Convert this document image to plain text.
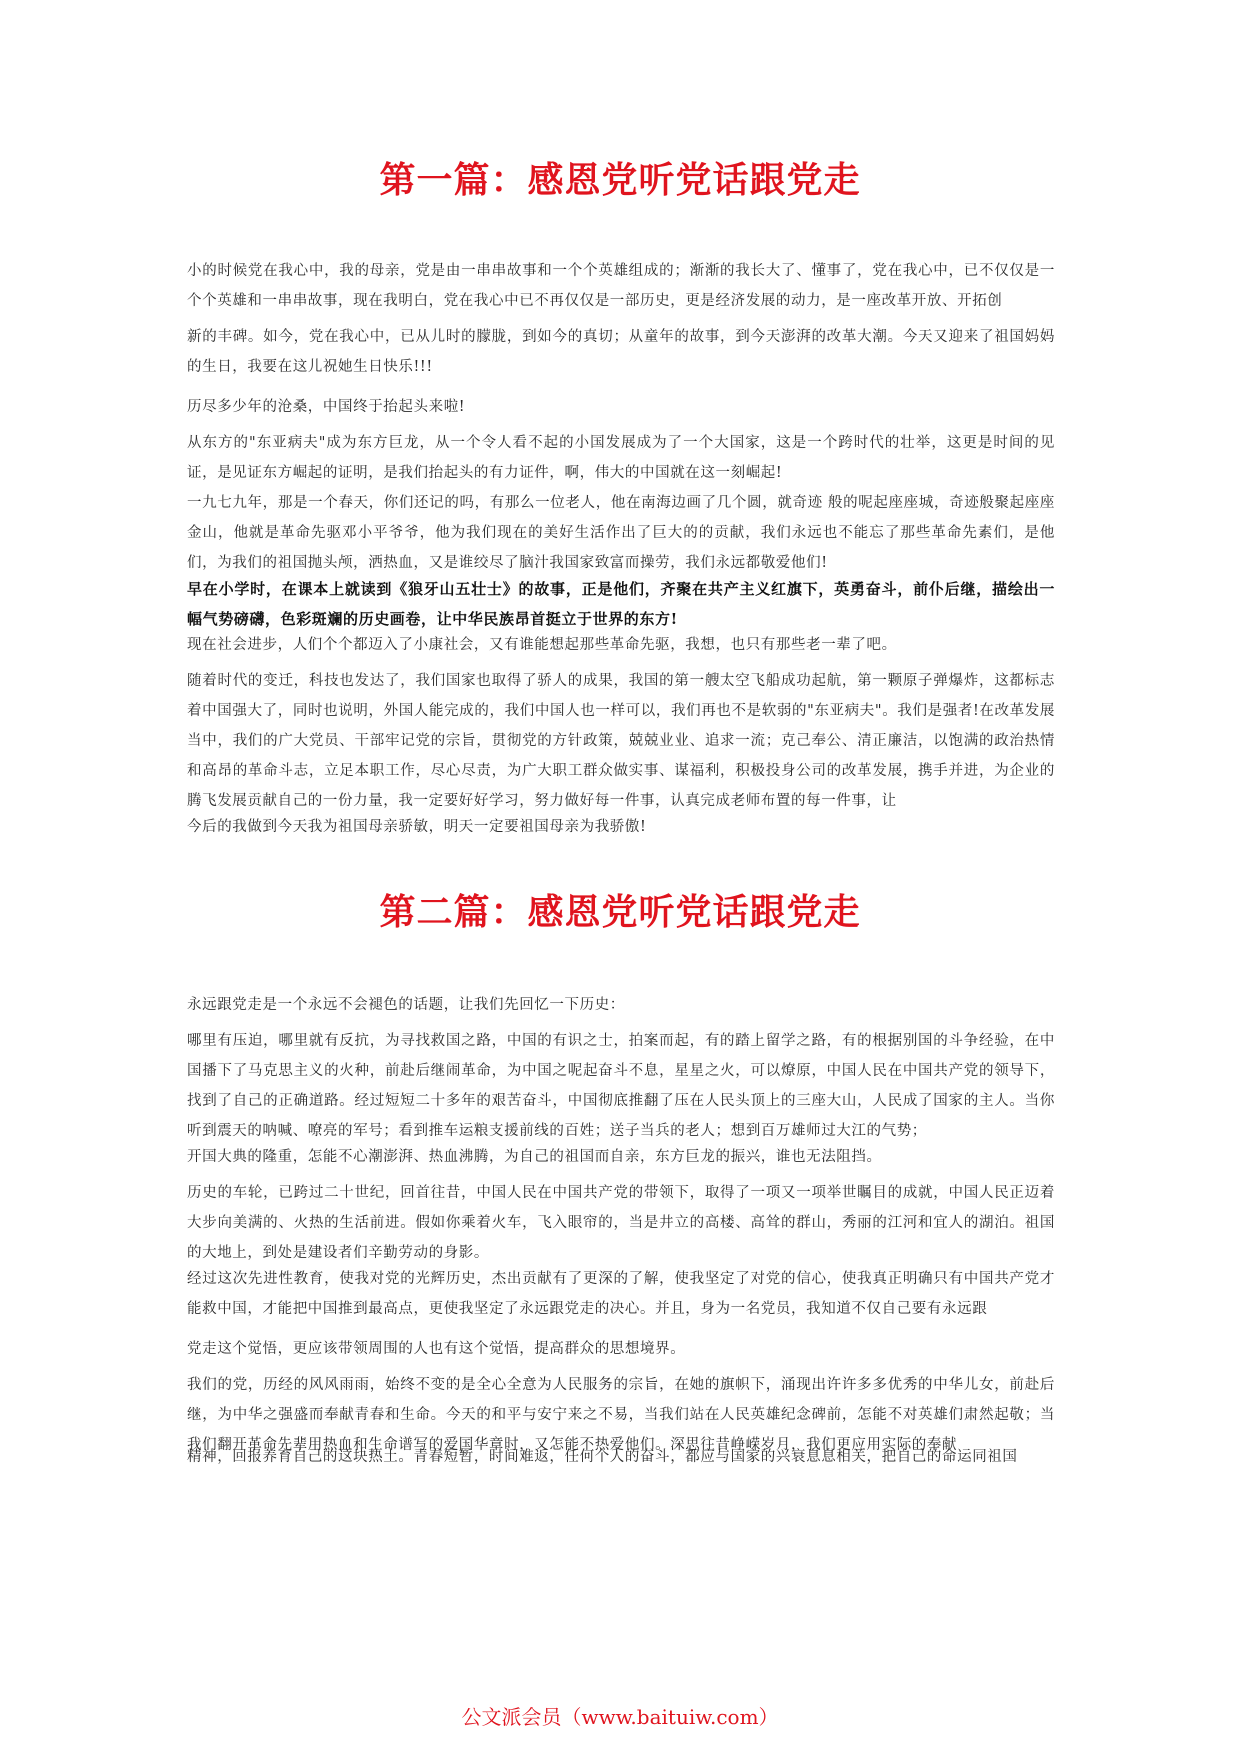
第一篇：感恩党听党话跟党走

小的时候党在我心中，我的母亲，党是由一串串故事和一个个英雄组成的；渐渐的我长大了、懂事了，党在我心中，已不仅仅是一个个英雄和一串串故事，现在我明白，党在我心中已不再仅仅是一部历史，更是经济发展的动力，是一座改革开放、开拓创

新的丰碑。如今，党在我心中，已从儿时的朦胧，到如今的真切；从童年的故事，到今天澎湃的改革大潮。今天又迎来了祖国妈妈的生日，我要在这儿祝她生日快乐!!!

历尽多少年的沧桑，中国终于抬起头来啦!

从东方的"东亚病夫"成为东方巨龙，从一个令人看不起的小国发展成为了一个大国家，这是一个跨时代的壮举，这更是时间的见证，是见证东方崛起的证明，是我们抬起头的有力证件，啊，伟大的中国就在这一刻崛起!

一九七九年，那是一个春天，你们还记的吗，有那么一位老人，他在南海边画了几个圆，就奇迹 般的呢起座座城，奇迹般聚起座座金山，他就是革命先驱邓小平爷爷，他为我们现在的美好生活作出了巨大的的贡献，我们永远也不能忘了那些革命先素们，是他们，为我们的祖国抛头颅，洒热血，又是谁绞尽了脑汁我国家致富而操劳，我们永远都敬爱他们!

早在小学时，在课本上就读到《狼牙山五壮士》的故事，正是他们，齐聚在共产主义红旗下，英勇奋斗，前仆后继，描绘出一幅气势磅礴，色彩斑斓的历史画卷，让中华民族昂首挺立于世界的东方!

现在社会进步，人们个个都迈入了小康社会，又有谁能想起那些革命先驱，我想，也只有那些老一辈了吧。

随着时代的变迁，科技也发达了，我们国家也取得了骄人的成果，我国的第一艘太空飞船成功起航，第一颗原子弹爆炸，这都标志着中国强大了，同时也说明，外国人能完成的，我们中国人也一样可以，我们再也不是软弱的"东亚病夫"。我们是强者!在改革发展当中，我们的广大党员、干部牢记党的宗旨，贯彻党的方针政策，兢兢业业、追求一流；克己奉公、清正廉洁，以饱满的政治热情和高昂的革命斗志，立足本职工作，尽心尽责，为广大职工群众做实事、谋福利，积极投身公司的改革发展，携手并进，为企业的腾飞发展贡献自己的一份力量，我一定要好好学习，努力做好每一件事，认真完成老师布置的每一件事，让

今后的我做到今天我为祖国母亲骄敏，明天一定要祖国母亲为我骄傲!

第二篇：感恩党听党话跟党走

永远跟党走是一个永远不会褪色的话题，让我们先回忆一下历史：

哪里有压迫，哪里就有反抗，为寻找救国之路，中国的有识之士，拍案而起，有的踏上留学之路，有的根据别国的斗争经验，在中国播下了马克思主义的火种，前赴后继闹革命，为中国之呢起奋斗不息，星星之火，可以燎原，中国人民在中国共产党的领导下，找到了自己的正确道路。经过短短二十多年的艰苦奋斗，中国彻底推翻了压在人民头顶上的三座大山，人民成了国家的主人。当你听到震天的呐喊、嘹亮的军号；看到推车运粮支援前线的百姓；送子当兵的老人；想到百万雄师过大江的气势；

开国大典的隆重，怎能不心潮澎湃、热血沸腾，为自己的祖国而自亲，东方巨龙的振兴，谁也无法阻挡。

历史的车轮，已跨过二十世纪，回首往昔，中国人民在中国共产党的带领下，取得了一项又一项举世瞩目的成就，中国人民正迈着大步向美满的、火热的生活前进。假如你乘着火车，飞入眼帘的，当是井立的高楼、高耸的群山，秀丽的江河和宜人的湖泊。祖国的大地上，到处是建设者们辛勤劳动的身影。

经过这次先进性教育，使我对党的光辉历史，杰出贡献有了更深的了解，使我坚定了对党的信心，使我真正明确只有中国共产党才能救中国，才能把中国推到最高点，更使我坚定了永远跟党走的决心。并且，身为一名党员，我知道不仅自己要有永远跟

党走这个觉悟，更应该带领周围的人也有这个觉悟，提高群众的思想境界。

我们的党，历经的风风雨雨，始终不变的是全心全意为人民服务的宗旨，在她的旗帜下，涌现出许许多多优秀的中华儿女，前赴后继，为中华之强盛而奉献青春和生命。今天的和平与安宁来之不易，当我们站在人民英雄纪念碑前，怎能不对英雄们肃然起敬；当我们翻开革命先辈用热血和生命谱写的爱国华章时，又怎能不热爱他们。深思往昔峥嵘岁月，我们更应用实际的奉献

精神，回报养育自己的这块热土。青春短暂，时间难返，任何个人的奋斗，都应与国家的兴衰息息相关，把自己的命运同祖国

公文派会员（www.baituiw.com）
